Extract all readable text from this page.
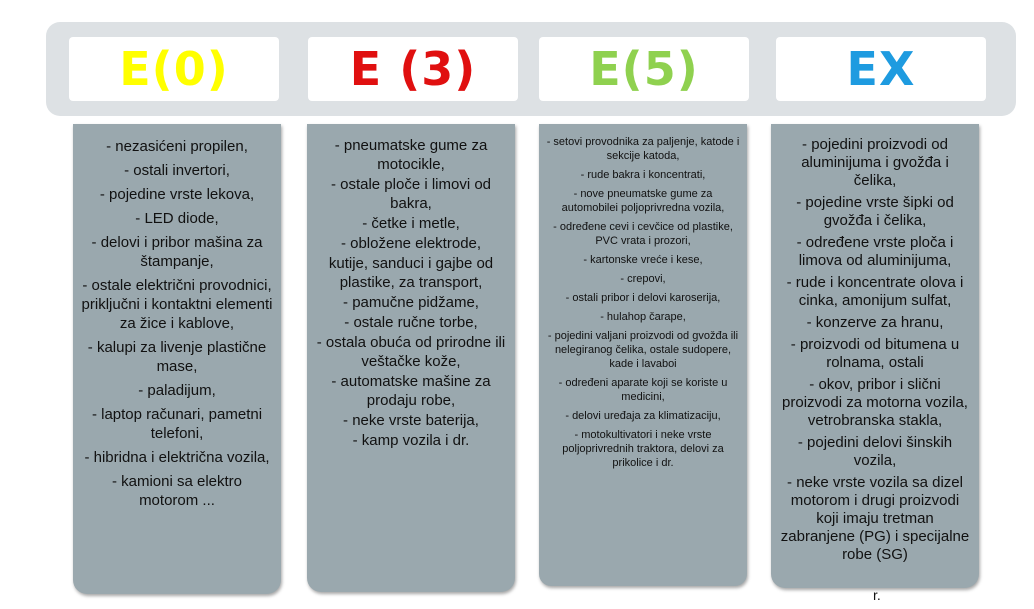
E(0)	E (3)	E(5)	EX
- nezasićeni propilen,
- ostali invertori,
- pojedine vrste lekova,
- LED diode,
- delovi i pribor mašina za štampanje,
- ostale električni provodnici, priključni i kontaktni elementi za žice i kablove,
- kalupi za livenje plastične mase,
- paladijum,
- laptop računari, pametni telefoni,
- hibridna i električna vozila,
- kamioni sa elektro motorom ...
- pneumatske gume za motocikle,
- ostale ploče i limovi od bakra,
- četke i metle,
- obložene elektrode,
kutije, sanduci i gajbe od plastike, za transport,
- pamučne pidžame,
- ostale ručne torbe,
- ostala obuća od prirodne ili veštačke kože,
- automatske mašine za prodaju robe,
- neke vrste baterija,
- kamp vozila i dr.
- setovi provodnika za paljenje, katode i sekcije katoda,
- rude bakra i koncentrati,
- nove pneumatske gume za automobilei poljoprivredna vozila,
- određene cevi i cevčice od plastike, PVC vrata i prozori,
- kartonske vreće i kese,
- crepovi,
- ostali pribor i delovi karoserija,
- hulahop čarape,
- pojedini valjani proizvodi od gvožđa ili nelegiranog čelika, ostale sudopere, kade i lavaboi
- određeni aparate koji se koriste u medicini,
- delovi uređaja za klimatizaciju,
- motokultivatori i neke vrste poljoprivrednih traktora, delovi za prikolice i dr.
- pojedini proizvodi od aluminijuma i gvožđa i čelika,
- pojedine vrste šipki od gvožđa i čelika,
- određene vrste ploča i limova od aluminijuma,
- rude i koncentrate olova i cinka, amonijum sulfat,
- konzerve za hranu,
- proizvodi od bitumena u rolnama, ostali
- okov, pribor i slični proizvodi za motorna vozila, vetrobranska stakla,
- pojedini delovi šinskih vozila,
- neke vrste vozila sa dizel motorom i drugi proizvodi koji imaju tretman zabranjene (PG) i specijalne robe (SG)
r.
